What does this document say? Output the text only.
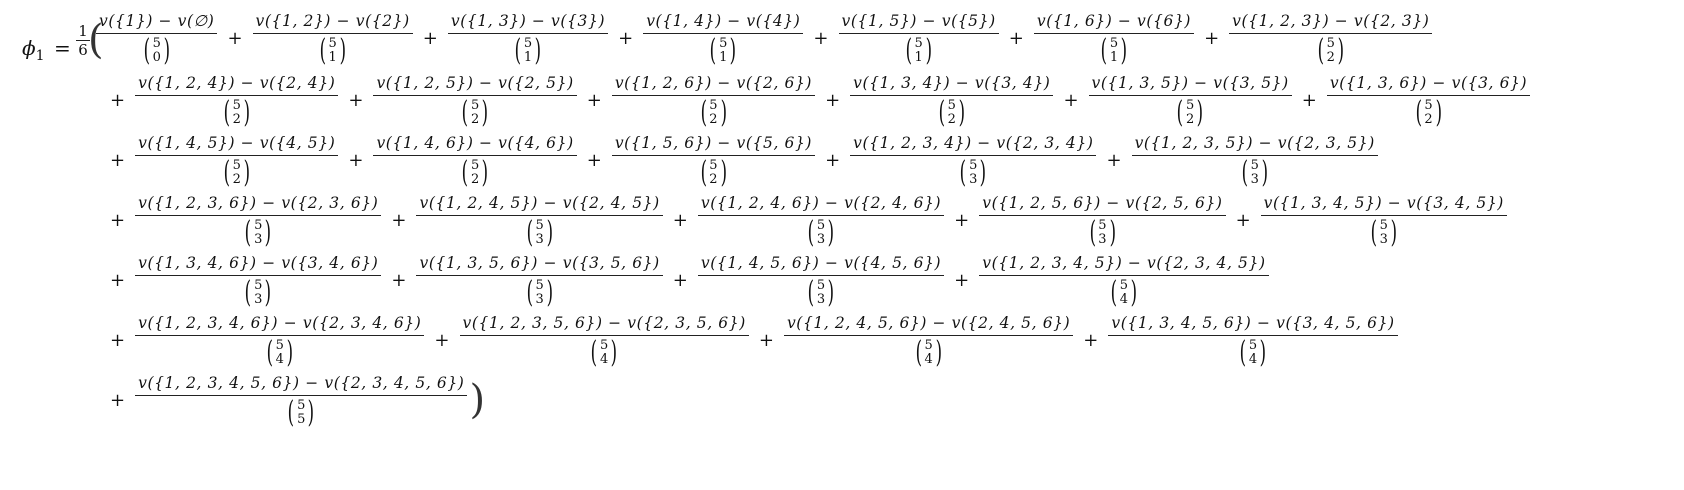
$\phi_1 = \frac{1}{6}$
(
v({1}) − v(∅)
( 5
0 ) + v({1, 2}) − v({2})
( 5
1 ) + v({1, 3}) − v({3})
( 5
1 ) + v({1, 4}) − v({4})
( 5
1 ) + v({1, 5}) − v({5})
( 5
1 ) + v({1, 6}) − v({6})
( 5
1 ) + v({1, 2, 3}) − v({2, 3})
( 5
2 )
+ v({1, 2, 4}) − v({2, 4})
( 5
2 ) + v({1, 2, 5}) − v({2, 5})
( 5
2 ) + v({1, 2, 6}) − v({2, 6})
( 5
2 ) + v({1, 3, 4}) − v({3, 4})
( 5
2 ) + v({1, 3, 5}) − v({3, 5})
( 5
2 ) + v({1, 3, 6}) − v({3, 6})
( 5
2 )
+ v({1, 4, 5}) − v({4, 5})
( 5
2 ) + v({1, 4, 6}) − v({4, 6})
( 5
2 ) + v({1, 5, 6}) − v({5, 6})
( 5
2 ) + v({1, 2, 3, 4}) − v({2, 3, 4})
( 5
3 ) + v({1, 2, 3, 5}) − v({2, 3, 5})
( 5
3 )
+ v({1, 2, 3, 6}) − v({2, 3, 6})
( 5
3 ) + v({1, 2, 4, 5}) − v({2, 4, 5})
( 5
3 ) + v({1, 2, 4, 6}) − v({2, 4, 6})
( 5
3 ) + v({1, 2, 5, 6}) − v({2, 5, 6})
( 5
3 ) + v({1, 3, 4, 5}) − v({3, 4, 5})
( 5
3 )
+ v({1, 3, 4, 6}) − v({3, 4, 6})
( 5
3 ) + v({1, 3, 5, 6}) − v({3, 5, 6})
( 5
3 ) + v({1, 4, 5, 6}) − v({4, 5, 6})
( 5
3 ) + v({1, 2, 3, 4, 5}) − v({2, 3, 4, 5})
( 5
4 )
+ v({1, 2, 3, 4, 6}) − v({2, 3, 4, 6})
( 5
4 ) + v({1, 2, 3, 5, 6}) − v({2, 3, 5, 6})
( 5
4 ) + v({1, 2, 4, 5, 6}) − v({2, 4, 5, 6})
( 5
4 ) + v({1, 3, 4, 5, 6}) − v({3, 4, 5, 6})
( 5
4 )
+ v({1, 2, 3, 4, 5, 6}) − v({2, 3, 4, 5, 6})
( 5
5 ) )
